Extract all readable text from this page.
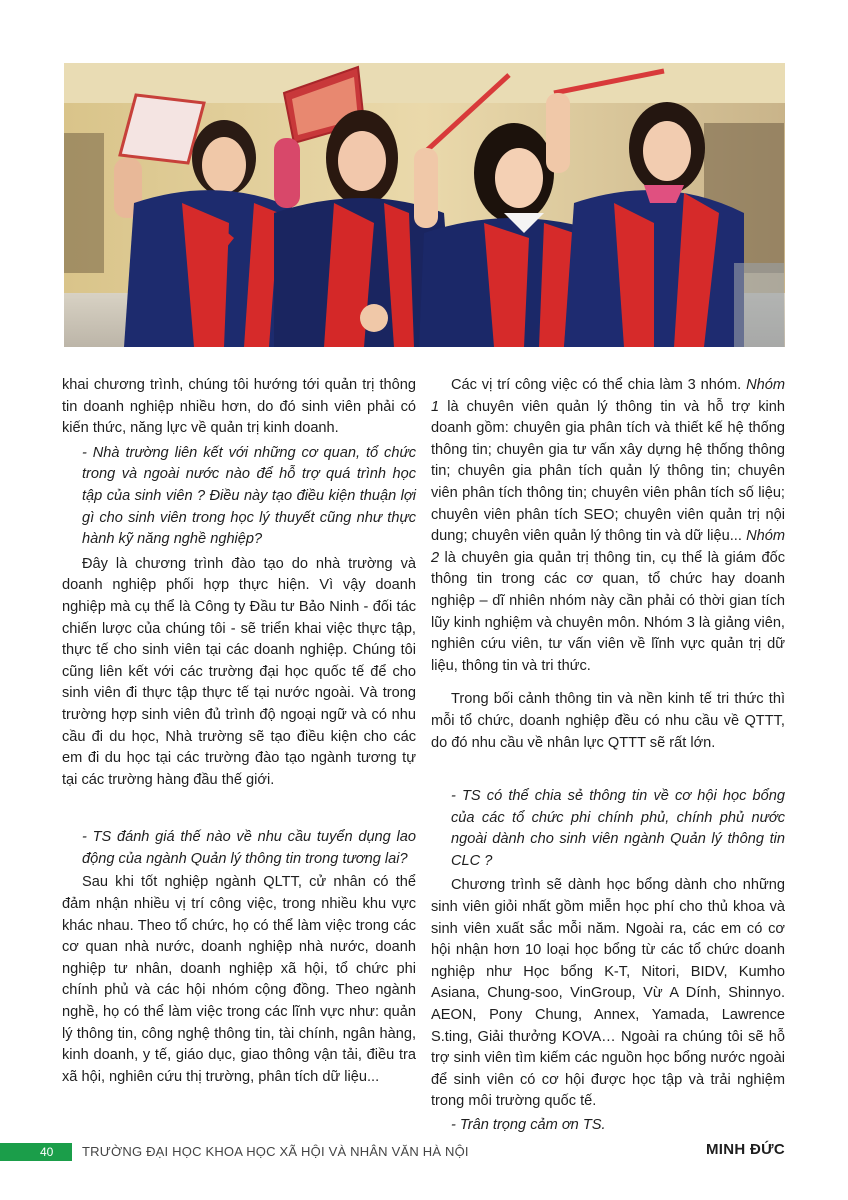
khai chương trình, chúng tôi hướng tới quản trị thông tin doanh nghiệp nhiều hơn, do đó sinh viên phải có kiến thức, năng lực về quản trị kinh doanh.

- Nhà trường liên kết với những cơ quan, tổ chức trong và ngoài nước nào để hỗ trợ quá trình học tập của sinh viên ? Điều này tạo điều kiện thuận lợi gì cho sinh viên trong học lý thuyết cũng như thực hành kỹ năng nghề nghiệp?

Đây là chương trình đào tạo do nhà trường và doanh nghiệp phối hợp thực hiện. Vì vậy doanh nghiệp mà cụ thể là Công ty Đầu tư Bảo Ninh - đối tác chiến lược của chúng tôi - sẽ triển khai việc thực tập, thực tế cho sinh viên tại các doanh nghiệp. Chúng tôi cũng liên kết với các trường đại học quốc tế để cho sinh viên đi thực tập thực tế tại nước ngoài. Và trong trường hợp sinh viên đủ trình độ ngoại ngữ và có nhu cầu đi du học, Nhà trường sẽ tạo điều kiện cho các em đi du học tại các trường đào tạo ngành tương tự tại các trường hàng đầu thế giới.

- TS đánh giá thế nào về nhu cầu tuyển dụng lao động của ngành Quản lý thông tin trong tương lai?

Sau khi tốt nghiệp ngành QLTT, cử nhân có thể đảm nhận nhiều vị trí công việc, trong nhiều khu vực khác nhau. Theo tổ chức, họ có thể làm việc trong các cơ quan nhà nước, doanh nghiệp nhà nước, doanh nghiệp tư nhân, doanh nghiệp xã hội, tổ chức phi chính phủ và các hội nhóm cộng đồng. Theo ngành nghề, họ có thể làm việc trong các lĩnh vực như: quản lý thông tin, công nghệ thông tin, tài chính, ngân hàng, kinh doanh, y tế, giáo dục, giao thông vận tải, điều tra xã hội, nghiên cứu thị trường, phân tích dữ liệu...

Các vị trí công việc có thể chia làm 3 nhóm. Nhóm 1 là chuyên viên quản lý thông tin và hỗ trợ kinh doanh gồm: chuyên gia phân tích và thiết kế hệ thống thông tin; chuyên gia tư vấn xây dựng hệ thống thông tin; chuyên gia phân tích quản lý thông tin; chuyên viên phân tích thông tin; chuyên viên phân tích số liệu; chuyên viên phân tích SEO; chuyên viên quản trị nội dung; chuyên viên quản lý thông tin và dữ liệu... Nhóm 2 là chuyên gia quản trị thông tin, cụ thể là giám đốc thông tin trong các cơ quan, tổ chức hay doanh nghiệp – dĩ nhiên nhóm này cần phải có thời gian tích lũy kinh nghiệm và chuyên môn. Nhóm 3 là giảng viên, nghiên cứu viên, tư vấn viên về lĩnh vực quản trị dữ liệu, thông tin và tri thức.

Trong bối cảnh thông tin và nền kinh tế tri thức thì mỗi tổ chức, doanh nghiệp đều có nhu cầu về QTTT, do đó nhu cầu về nhân lực QTTT sẽ rất lớn.

- TS có thể chia sẻ thông tin về cơ hội học bổng của các tổ chức phi chính phủ, chính phủ nước ngoài dành cho sinh viên ngành Quản lý thông tin CLC ?

Chương trình sẽ dành học bổng dành cho những sinh viên giỏi nhất gồm miễn học phí cho thủ khoa và sinh viên xuất sắc mỗi năm. Ngoài ra, các em có cơ hội nhận hơn 10 loại học bổng từ các tổ chức doanh nghiệp như Học bổng K-T, Nitori, BIDV, Kumho Asiana, Chung-soo, VinGroup, Vừ A Dính, Shinnyo. AEON, Pony Chung, Annex, Yamada, Lawrence S.ting, Giải thưởng KOVA… Ngoài ra chúng tôi sẽ hỗ trợ sinh viên tìm kiếm các nguồn học bổng nước ngoài để sinh viên có cơ hội được học tập và trải nghiệm trong môi trường quốc tế.

- Trân trọng cảm ơn TS.

MINH ĐỨC
40 TRƯỜNG ĐẠI HỌC KHOA HỌC XÃ HỘI VÀ NHÂN VĂN HÀ NỘI
